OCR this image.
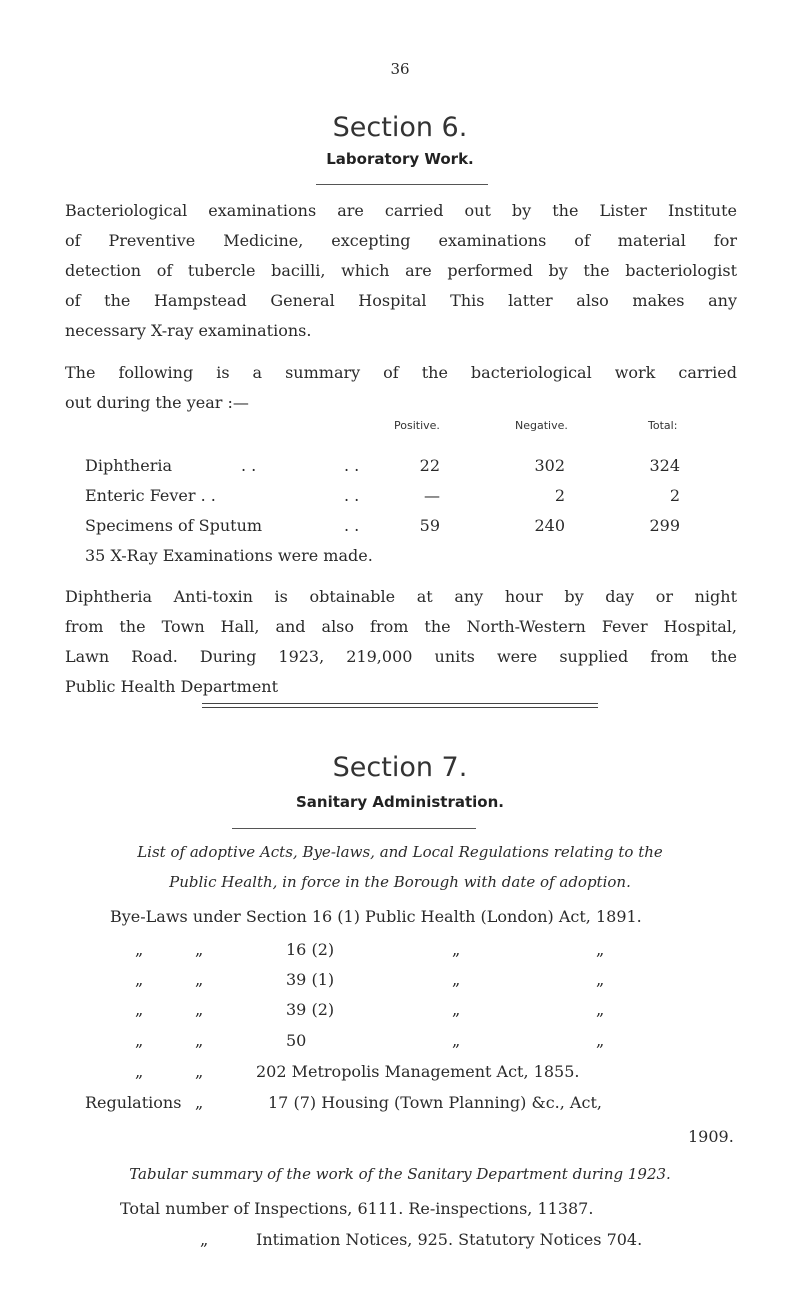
36
Section 6.
Laboratory Work.
Bacteriological examinations are carried out by the Lister Institute
of Preventive Medicine, excepting examinations of material for
detection of tubercle bacilli, which are performed by the bacteriologist
of the Hampstead General Hospital This latter also makes any
necessary X-ray examinations.
The following is a summary of the bacteriological work carried
out during the year :—
Positive.	Negative.	Total:
Diphtheria	. .	. .	22	302	324
Enteric Fever . .	. .	—	2	2
Specimens of Sputum	. .	59	240	299
35 X-Ray Examinations were made.
Diphtheria Anti-toxin is obtainable at any hour by day or night
from the Town Hall, and also from the North-Western Fever Hospital,
Lawn Road. During 1923, 219,000 units were supplied from the
Public Health Department
Section 7.
Sanitary Administration.
List of adoptive Acts, Bye-laws, and Local Regulations relating to the
Public Health, in force in the Borough with date of adoption.
Bye-Laws under Section 16 (1) Public Health (London) Act, 1891.
„	„	16 (2)	„	„
„	„	39 (1)	„	„
„	„	39 (2)	„	„
„	„	50	„	„
„	„	202 Metropolis Management Act, 1855.
Regulations „	17 (7) Housing (Town Planning) &c., Act,
1909.
Tabular summary of the work of the Sanitary Department during 1923.
Total number of Inspections, 6111. Re-inspections, 11387.
„	Intimation Notices, 925. Statutory Notices 704.
